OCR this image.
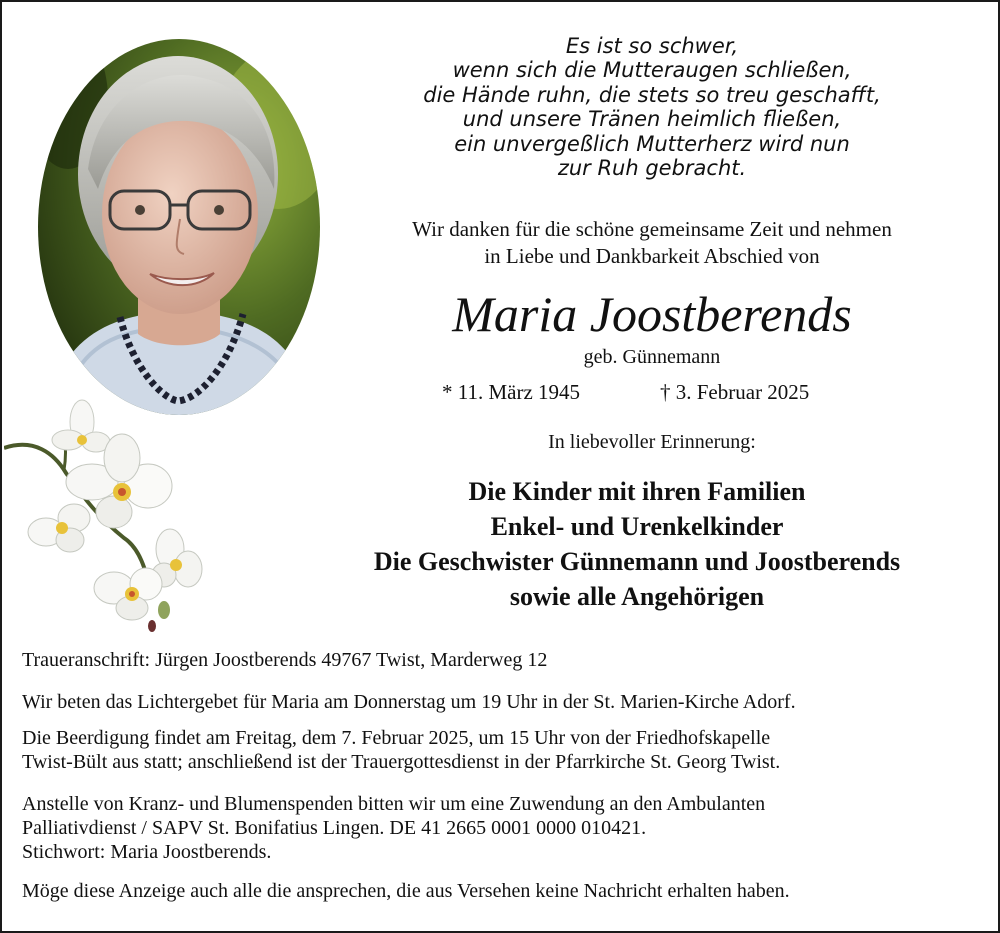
Es ist so schwer,
wenn sich die Mutteraugen schließen,
die Hände ruhn, die stets so treu geschafft,
und unsere Tränen heimlich fließen,
ein unvergeßlich Mutterherz wird nun
zur Ruh gebracht.
Wir danken für die schöne gemeinsame Zeit und nehmen
in Liebe und Dankbarkeit Abschied von
Maria Joostberends
geb. Günnemann
* 11. März 1945	† 3. Februar 2025
In liebevoller Erinnerung:
Die Kinder mit ihren Familien
Enkel- und Urenkelkinder
Die Geschwister Günnemann und Joostberends
sowie alle Angehörigen
Traueranschrift: Jürgen Joostberends 49767 Twist, Marderweg 12
Wir beten das Lichtergebet für Maria am Donnerstag um 19 Uhr in der St. Marien-Kirche Adorf.
Die Beerdigung findet am Freitag, dem 7. Februar 2025, um 15 Uhr von der Friedhofskapelle
Twist-Bült aus statt; anschließend ist der Trauergottesdienst in der Pfarrkirche St. Georg Twist.
Anstelle von Kranz- und Blumenspenden bitten wir um eine Zuwendung an den Ambulanten
Palliativdienst / SAPV St. Bonifatius Lingen. DE 41 2665 0001 0000 010421.
Stichwort: Maria Joostberends.
Möge diese Anzeige auch alle die ansprechen, die aus Versehen keine Nachricht erhalten haben.
